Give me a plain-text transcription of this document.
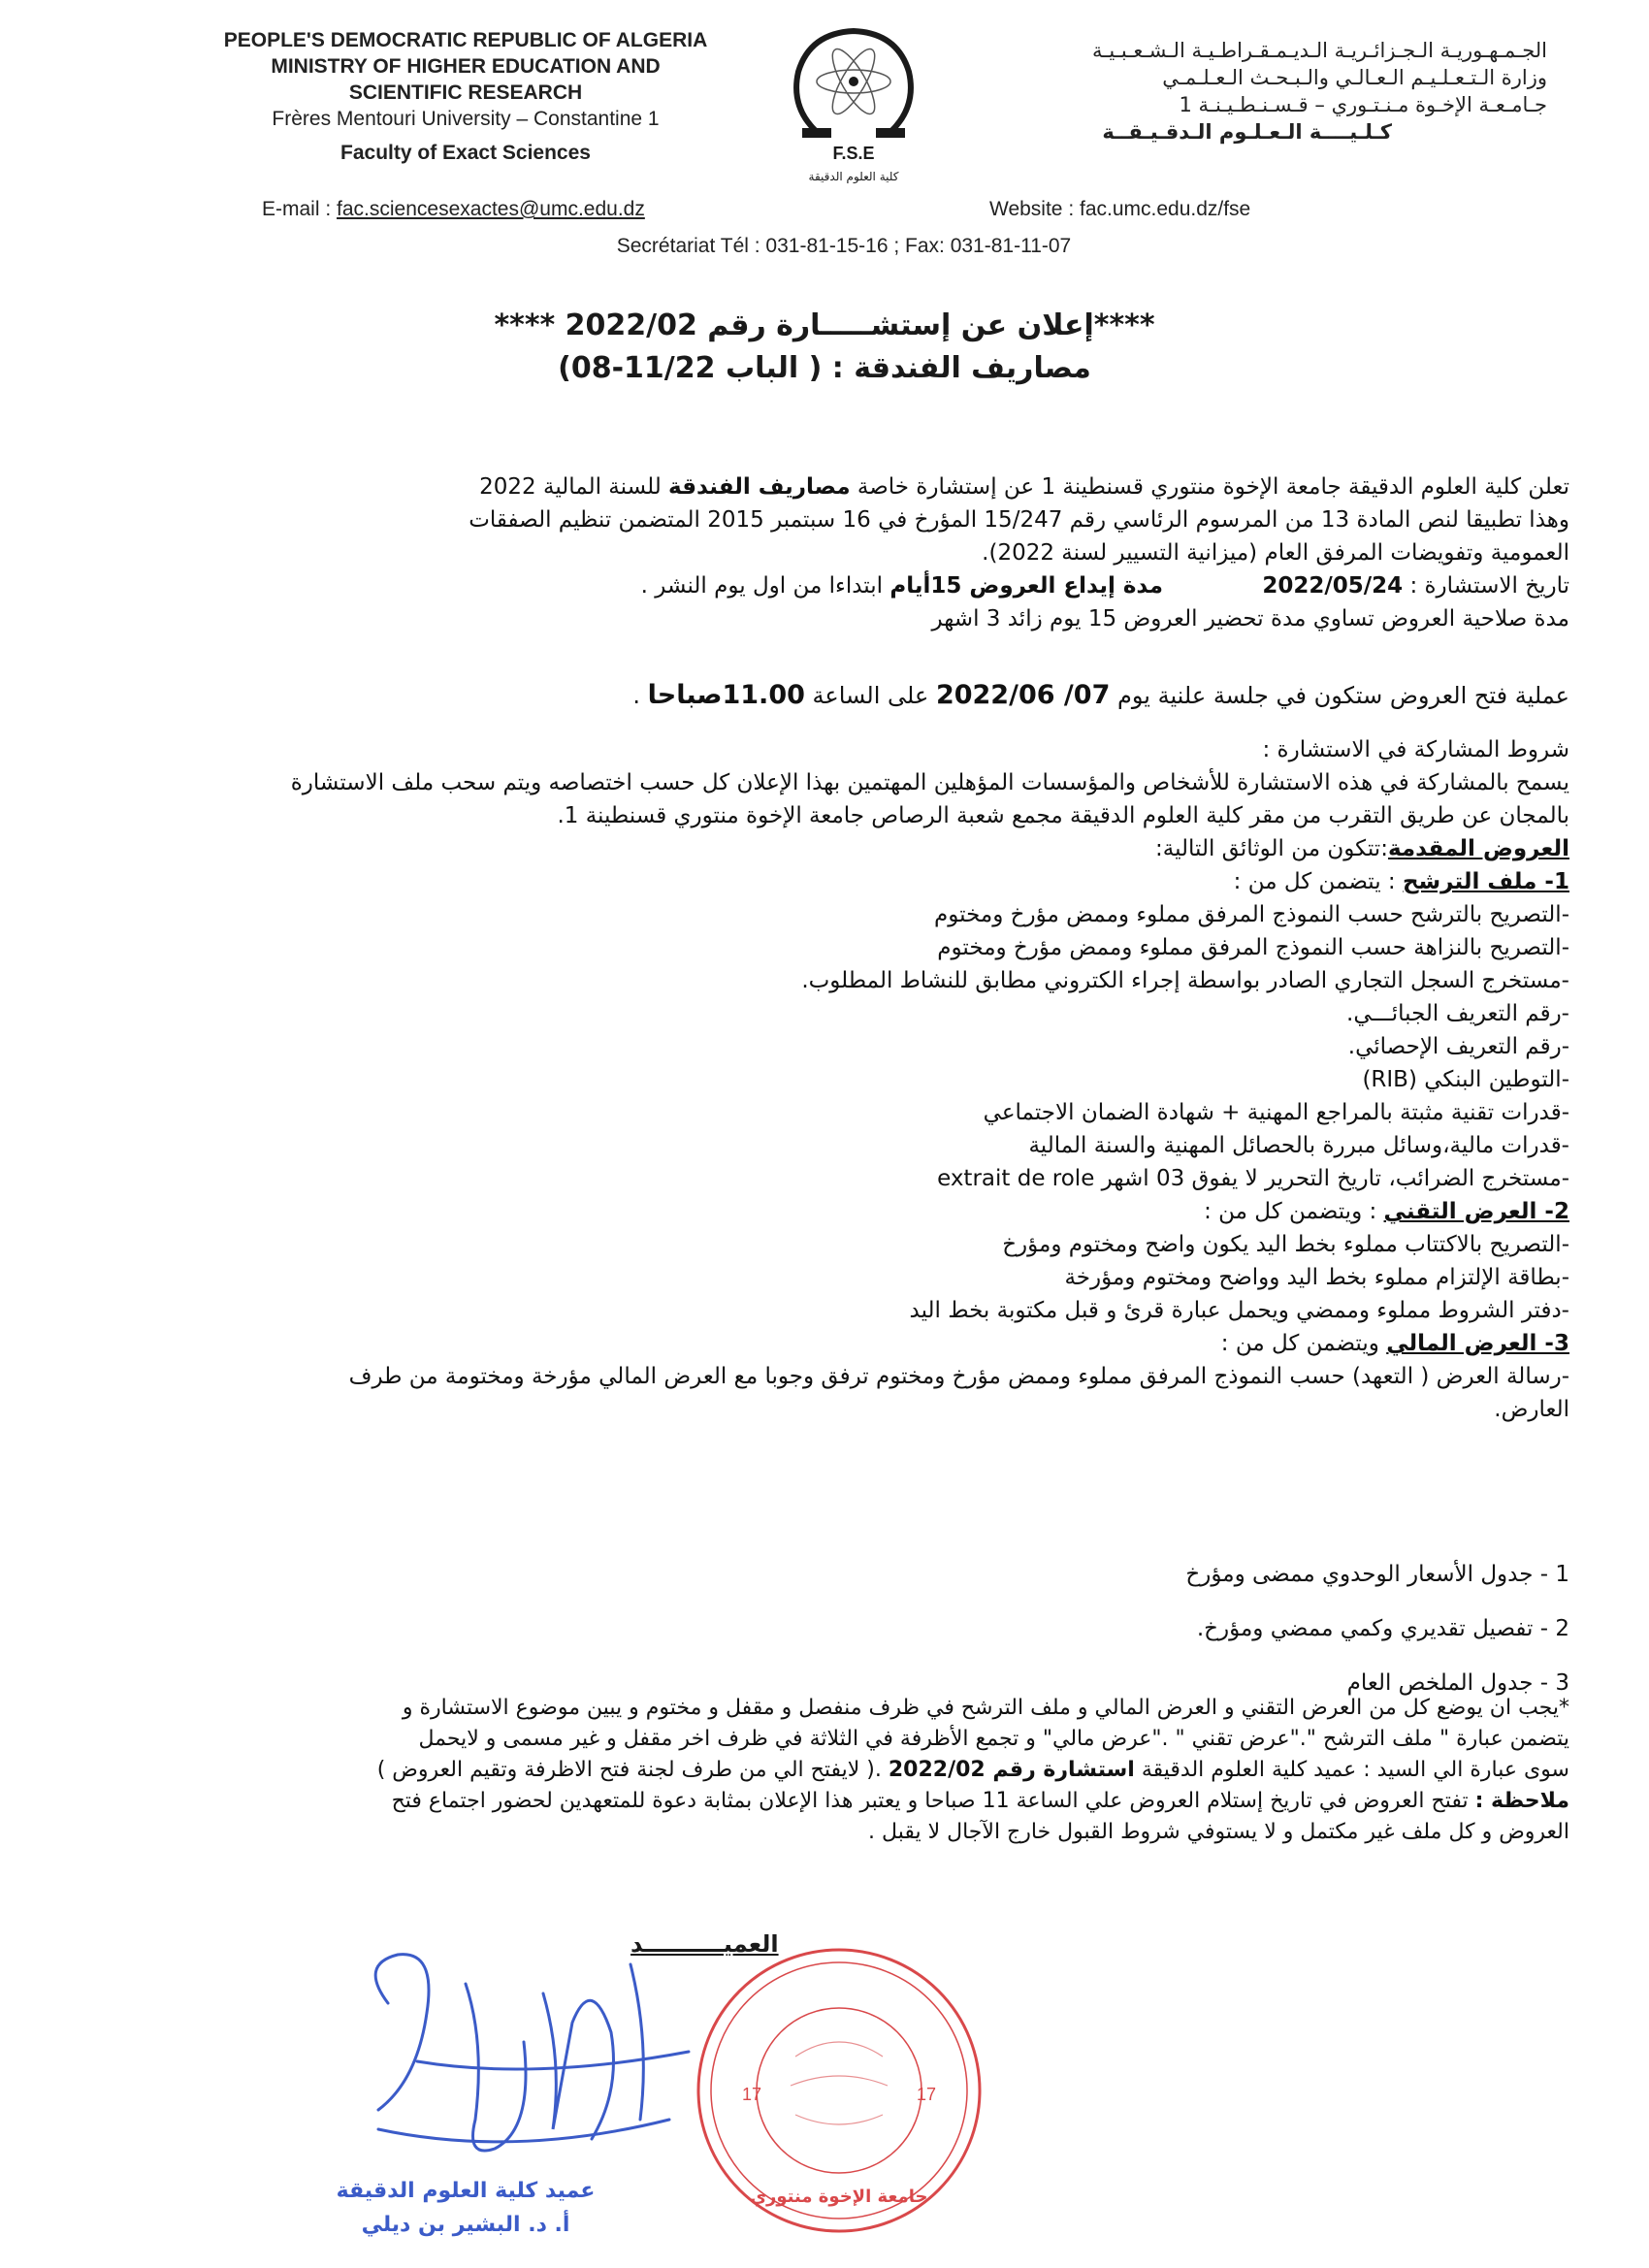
PEOPLE'S DEMOCRATIC REPUBLIC OF ALGERIA
MINISTRY OF HIGHER EDUCATION AND
SCIENTIFIC RESEARCH
Frères Mentouri University – Constantine 1
Faculty of Exact Sciences	F.S.E
كلية العلوم الدقيقة
الجـمـهـوريـة الـجـزائـريـة الـديـمـقـراطـيـة الـشـعـبـيـة
وزارة الـتـعـلـيـم الـعـالـي والـبـحـث الـعـلـمـي
جـامـعـة الإخـوة مـنـتـوري – قـسـنـطـيـنـة 1
كـلـيــــة الـعـلـوم الـدقـيـقــة
E-mail : fac.sciencesexactes@umc.edu.dz	Website : fac.umc.edu.dz/fse
Secrétariat Tél : 031-81-15-16 ; Fax: 031-81-11-07
****إعلان عن إستشـــــارة رقم 2022/02 ****
مصاريف الفندقة : ( الباب 11/22-08)
تعلن كلية العلوم الدقيقة جامعة الإخوة منتوري قسنطينة 1 عن إستشارة خاصة مصاريف الفندقة للسنة المالية 2022
وهذا تطبيقا لنص المادة 13 من المرسوم الرئاسي رقم 15/247 المؤرخ في 16 سبتمبر 2015 المتضمن تنظيم الصفقات
العمومية وتفويضات المرفق العام (ميزانية التسيير لسنة 2022).
تاريخ الاستشارة : 2022/05/24              مدة إيداع العروض 15أيام ابتداءا من اول يوم النشر .
مدة صلاحية العروض تساوي مدة تحضير العروض 15 يوم زائد 3 اشهر
عملية فتح العروض ستكون في جلسة علنية يوم 07/ 2022/06 على الساعة 11.00صباحا .
شروط المشاركة في الاستشارة :
يسمح بالمشاركة في هذه الاستشارة للأشخاص والمؤسسات المؤهلين المهتمين بهذا الإعلان كل حسب اختصاصه ويتم سحب ملف الاستشارة
بالمجان عن طريق التقرب من مقر كلية العلوم الدقيقة مجمع شعبة الرصاص جامعة الإخوة منتوري قسنطينة 1.
العروض المقدمة:تتكون من الوثائق التالية:
1- ملف الترشح : يتضمن كل من :
-التصريح بالترشح حسب النموذج المرفق مملوء وممض مؤرخ ومختوم
-التصريح بالنزاهة حسب النموذج المرفق مملوء وممض مؤرخ ومختوم
-مستخرج السجل التجاري الصادر بواسطة إجراء الكتروني مطابق للنشاط المطلوب.
-رقم التعريف الجبائـــي.
-رقم التعريف الإحصائي.
-التوطين البنكي (RIB)
-قدرات تقنية مثبتة بالمراجع المهنية + شهادة الضمان الاجتماعي
-قدرات مالية،وسائل مبررة بالحصائل المهنية والسنة المالية
-مستخرج الضرائب، تاريخ التحرير لا يفوق 03 اشهر extrait de role
2- العرض التقني : ويتضمن كل من :
-التصريح بالاكتتاب مملوء بخط اليد يكون واضح ومختوم ومؤرخ
-بطاقة الإلتزام مملوء بخط اليد وواضح ومختوم ومؤرخة
-دفتر الشروط مملوء وممضي ويحمل عبارة قرئ و قبل مكتوبة بخط اليد
3- العرض المالي ويتضمن كل من :
-رسالة العرض ( التعهد) حسب النموذج المرفق مملوء وممض مؤرخ ومختوم ترفق وجوبا مع العرض المالي مؤرخة ومختومة من طرف
العارض.
1 - جدول الأسعار الوحدوي ممضى ومؤرخ
2 - تفصيل تقديري وكمي ممضي ومؤرخ.
3 - جدول الملخص العام
*يجب ان يوضع كل من العرض التقني و العرض المالي و ملف الترشح في ظرف منفصل و مقفل و مختوم و يبين موضوع الاستشارة و
يتضمن عبارة " ملف الترشح "."عرض تقني " ."عرض مالي" و تجمع الأظرفة في الثلاثة في ظرف اخر مقفل و غير مسمى و لايحمل
سوى عبارة الي السيد : عميد كلية العلوم الدقيقة استشارة رقم 2022/02 .( لايفتح الي من طرف لجنة فتح الاظرفة وتقيم العروض )
ملاحظة : تفتح العروض في تاريخ إستلام العروض علي الساعة 11 صباحا و يعتبر هذا الإعلان بمثابة دعوة للمتعهدين لحضور اجتماع فتح
العروض و كل ملف غير مكتمل و لا يستوفي شروط القبول خارج الآجال لا يقبل .
العميــــــــــد
عميد كلية العلوم الدقيقة
أ. د. البشير بن ديلي
17	17
جامعة الإخوة منتوري
